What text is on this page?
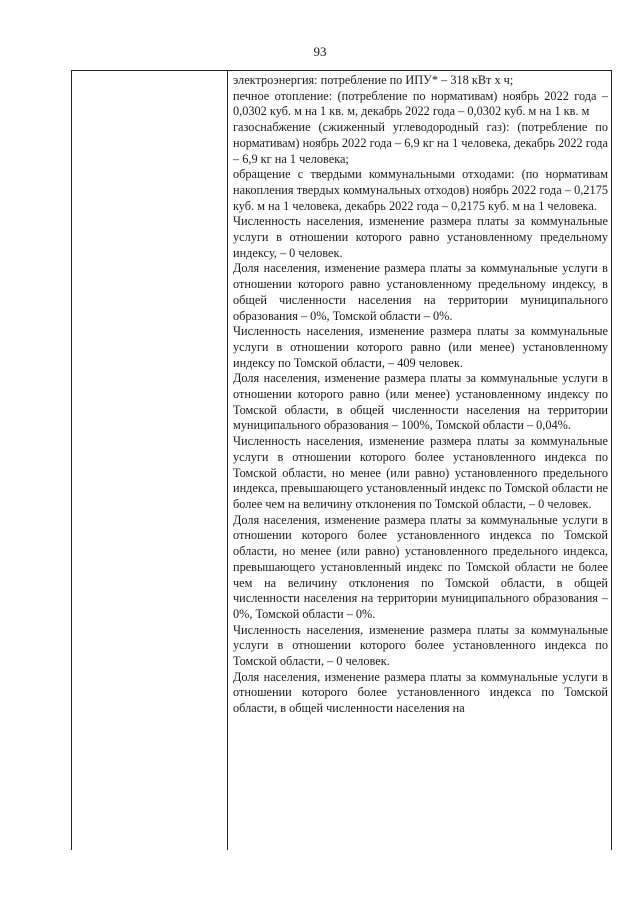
93

электроэнергия: потребление по ИПУ* – 318 кВт х ч;

печное отопление: (потребление по нормативам) ноябрь 2022 года – 0,0302 куб. м на 1 кв. м, декабрь 2022 года – 0,0302 куб. м на 1 кв. м

газоснабжение (сжиженный углеводородный газ): (потребление по нормативам) ноябрь 2022 года – 6,9 кг на 1 человека, декабрь 2022 года – 6,9 кг на 1 человека;

обращение с твердыми коммунальными отходами: (по нормативам накопления твердых коммунальных отходов) ноябрь 2022 года – 0,2175 куб. м на 1 человека, декабрь 2022 года – 0,2175 куб. м на 1 человека.

Численность населения, изменение размера платы за коммунальные услуги в отношении которого равно установленному предельному индексу, – 0 человек.

Доля населения, изменение размера платы за коммунальные услуги в отношении которого равно установленному предельному индексу, в общей численности населения на территории муниципального образования – 0%, Томской области – 0%.

Численность населения, изменение размера платы за коммунальные услуги в отношении которого равно (или менее) установленному индексу по Томской области, – 409 человек.

Доля населения, изменение размера платы за коммунальные услуги в отношении которого равно (или менее) установленному индексу по Томской области, в общей численности населения на территории муниципального образования – 100%, Томской области – 0,04%.

Численность населения, изменение размера платы за коммунальные услуги в отношении которого более установленного индекса по Томской области, но менее (или равно) установленного предельного индекса, превышающего установленный индекс по Томской области не более чем на величину отклонения по Томской области, – 0 человек.

Доля населения, изменение размера платы за коммунальные услуги в отношении которого более установленного индекса по Томской области, но менее (или равно) установленного предельного индекса, превышающего установленный индекс по Томской области не более чем на величину отклонения по Томской области, в общей численности населения на территории муниципального образования – 0%, Томской области – 0%.

Численность населения, изменение размера платы за коммунальные услуги в отношении которого более установленного индекса по Томской области, – 0 человек.

Доля населения, изменение размера платы за коммунальные услуги в отношении которого более установленного индекса по Томской области, в общей численности населения на
